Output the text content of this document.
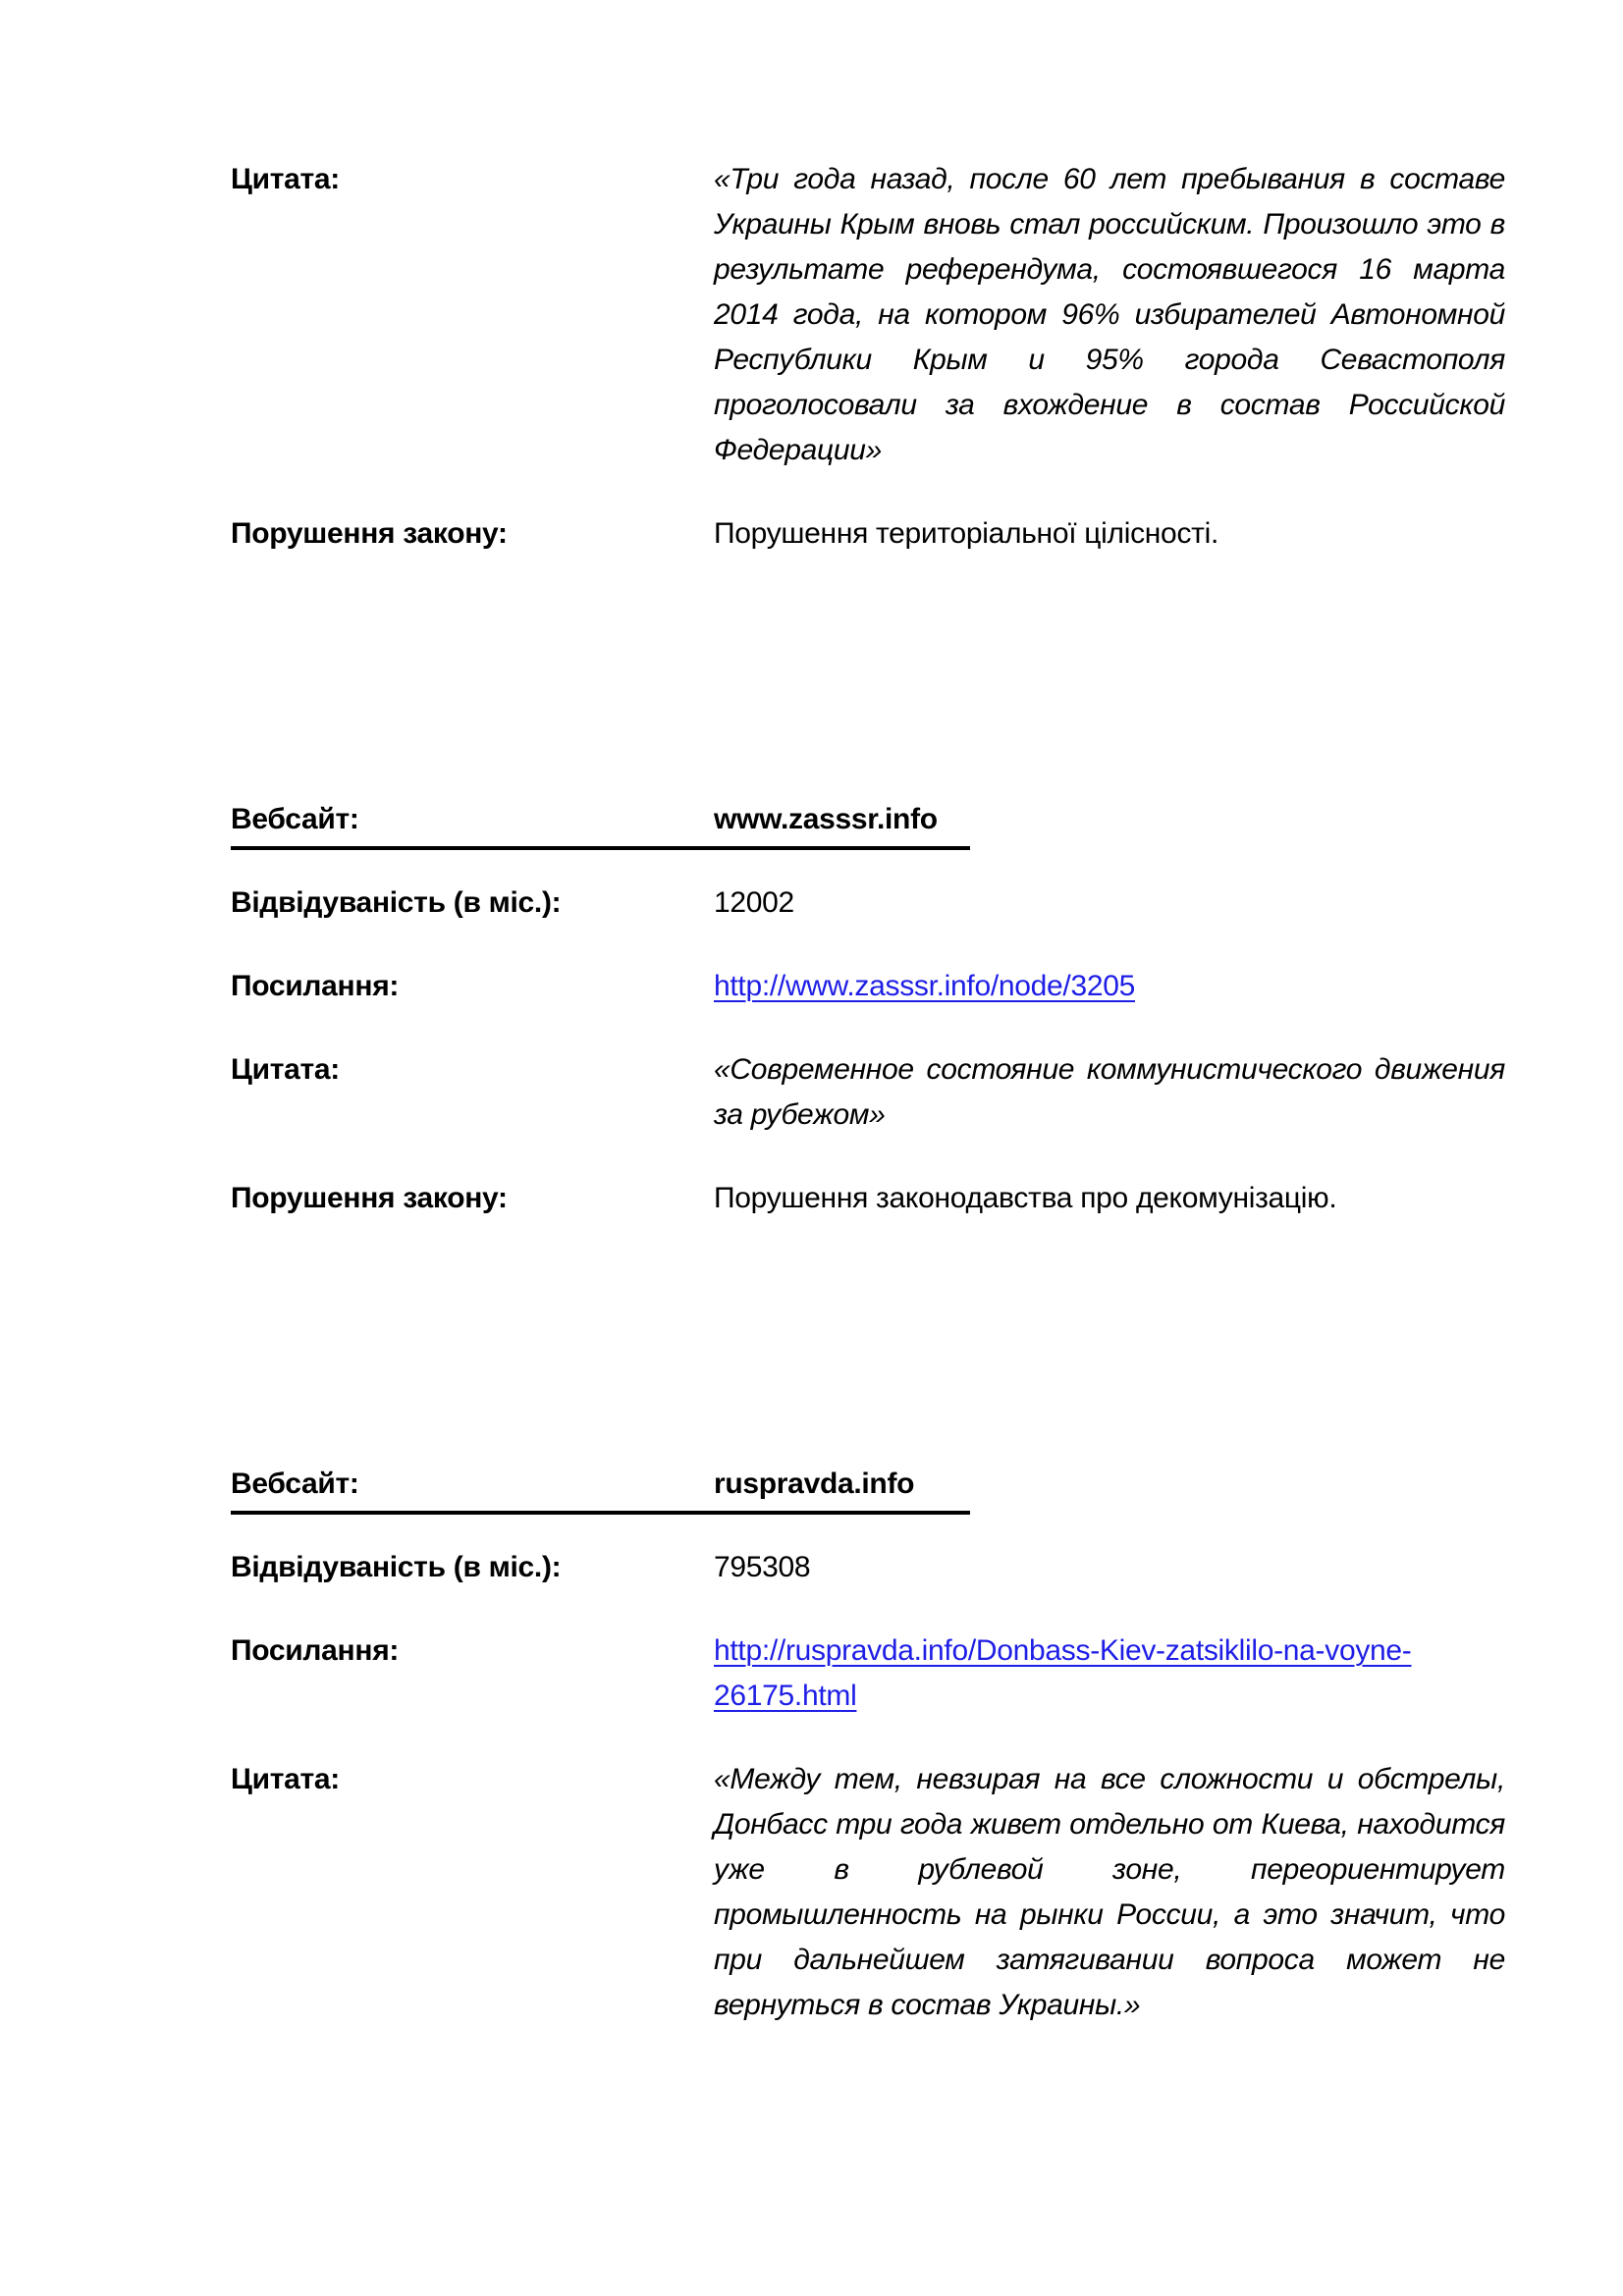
Цитата:	«Три года назад, после 60 лет пребывания в составе Украины Крым вновь стал российским. Произошло это в результате референдума, состоявшегося 16 марта 2014 года, на котором 96% избирателей Автономной Республики Крым и 95% города Севастополя проголосовали за вхождение в состав Российской Федерации»
Порушення закону:	Порушення територіальної цілісності.
Вебсайт:	www.zasssr.info
Відвідуваність (в міс.):	12002
Посилання:	http://www.zasssr.info/node/3205
Цитата:	«Современное состояние коммунистического движения за рубежом»
Порушення закону:	Порушення законодавства про декомунізацію.
Вебсайт:	ruspravda.info
Відвідуваність (в міс.):	795308
Посилання:	http://ruspravda.info/Donbass-Kiev-zatsiklilo-na-voyne-26175.html
Цитата:	«Между тем, невзирая на все сложности и обстрелы, Донбасс три года живет отдельно от Киева, находится уже в рублевой зоне, переориентирует промышленность на рынки России, а это значит, что при дальнейшем затягивании вопроса может не вернуться в состав Украины.»
